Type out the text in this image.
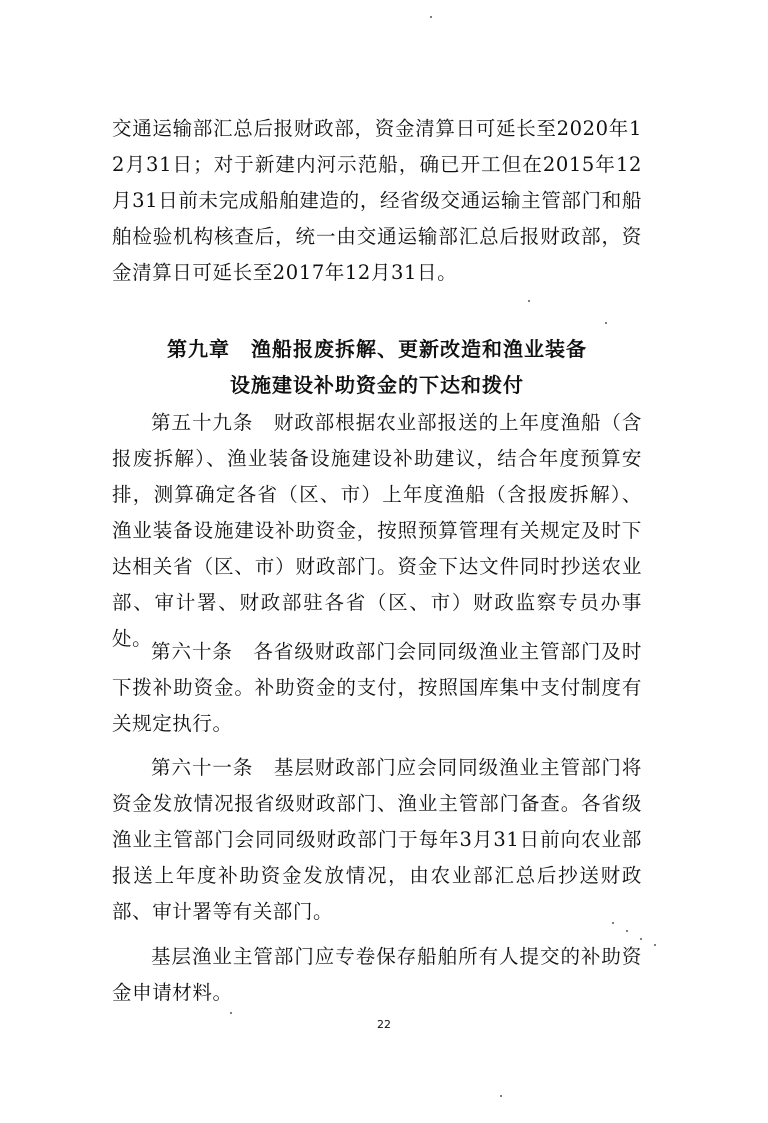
交通运输部汇总后报财政部，资金清算日可延长至2020年12月31日；对于新建内河示范船，确已开工但在2015年12月31日前未完成船舶建造的，经省级交通运输主管部门和船舶检验机构核查后，统一由交通运输部汇总后报财政部，资金清算日可延长至2017年12月31日。

第九章　渔船报废拆解、更新改造和渔业装备
设施建设补助资金的下达和拨付

第五十九条　财政部根据农业部报送的上年度渔船（含报废拆解）、渔业装备设施建设补助建议，结合年度预算安排，测算确定各省（区、市）上年度渔船（含报废拆解）、渔业装备设施建设补助资金，按照预算管理有关规定及时下达相关省（区、市）财政部门。资金下达文件同时抄送农业部、审计署、财政部驻各省（区、市）财政监察专员办事处。

第六十条　各省级财政部门会同同级渔业主管部门及时下拨补助资金。补助资金的支付，按照国库集中支付制度有关规定执行。

第六十一条　基层财政部门应会同同级渔业主管部门将资金发放情况报省级财政部门、渔业主管部门备查。各省级渔业主管部门会同同级财政部门于每年3月31日前向农业部报送上年度补助资金发放情况，由农业部汇总后抄送财政部、审计署等有关部门。

基层渔业主管部门应专卷保存船舶所有人提交的补助资金申请材料。

22
